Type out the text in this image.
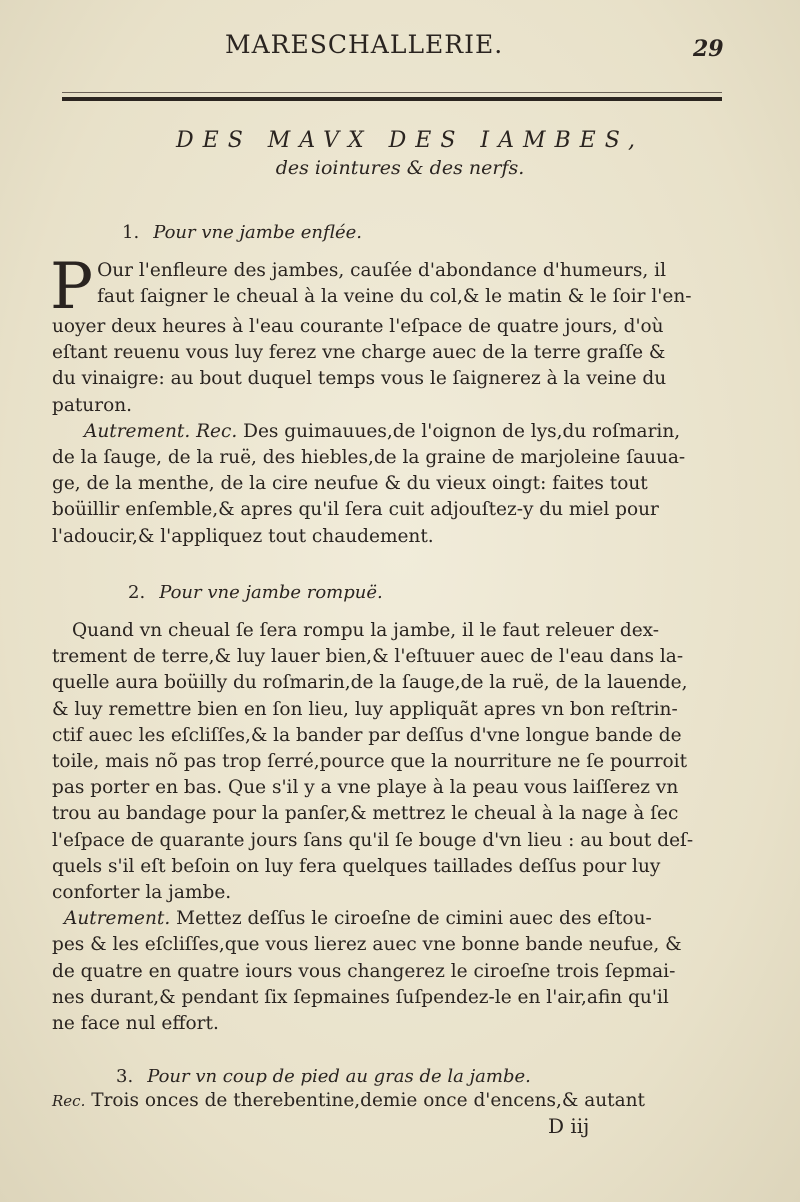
MARESCHALLERIE.	29
DES MAVX DES IAMBES,
des iointures & des nerfs.
1. Pour vne jambe enflée.
P Our l'enfleure des jambes, cauſée d'abondance d'humeurs, il
faut ſaigner le cheual à la veine du col,& le matin & le ſoir l'en-
uoyer deux heures à l'eau courante l'eſpace de quatre jours, d'où
eſtant reuenu vous luy ferez vne charge auec de la terre graſſe &
du vinaigre: au bout duquel temps vous le ſaignerez à la veine du
paturon.
Autrement. Rec. Des guimauues,de l'oignon de lys,du roſmarin,
de la ſauge, de la ruë, des hiebles,de la graine de marjoleine ſauua-
ge, de la menthe, de la cire neufue & du vieux oingt: faites tout
boüillir enſemble,& apres qu'il ſera cuit adjouſtez-y du miel pour
l'adoucir,& l'appliquez tout chaudement.
2. Pour vne jambe rompuë.
Quand vn cheual ſe ſera rompu la jambe, il le faut releuer dex-
trement de terre,& luy lauer bien,& l'eſtuuer auec de l'eau dans la-
quelle aura boüilly du roſmarin,de la ſauge,de la ruë, de la lauende,
& luy remettre bien en ſon lieu, luy appliquãt apres vn bon reſtrin-
ctif auec les eſcliſſes,& la bander par deſſus d'vne longue bande de
toile, mais nõ pas trop ſerré,pource que la nourriture ne ſe pourroit
pas porter en bas. Que s'il y a vne playe à la peau vous laiſſerez vn
trou au bandage pour la panſer,& mettrez le cheual à la nage à ſec
l'eſpace de quarante jours ſans qu'il ſe bouge d'vn lieu : au bout deſ-
quels s'il eſt beſoin on luy fera quelques taillades deſſus pour luy
conforter la jambe.
Autrement. Mettez deſſus le ciroeſne de cimini auec des eſtou-
pes & les eſcliſſes,que vous lierez auec vne bonne bande neufue, &
de quatre en quatre iours vous changerez le ciroeſne trois ſepmai-
nes durant,& pendant ſix ſepmaines ſuſpendez-le en l'air,afin qu'il
ne face nul effort.
3. Pour vn coup de pied au gras de la jambe.
Rec. Trois onces de therebentine,demie once d'encens,& autant
D iij
